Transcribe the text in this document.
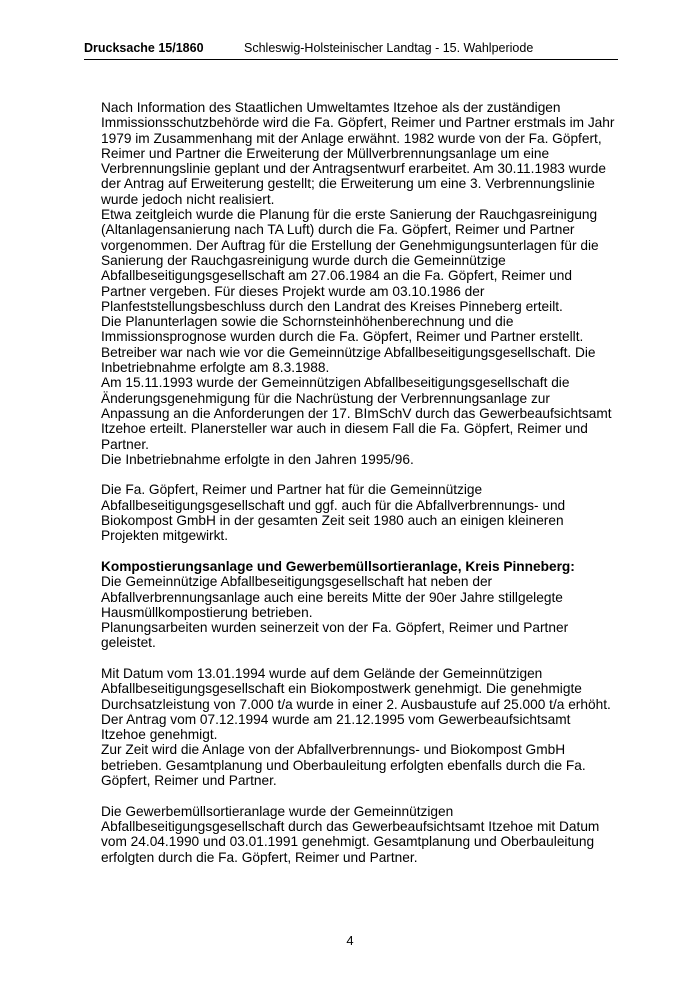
Drucksache 15/1860	Schleswig-Holsteinischer Landtag - 15. Wahlperiode

Nach Information des Staatlichen Umweltamtes Itzehoe als der zuständigen Immissionsschutzbehörde wird die Fa. Göpfert, Reimer und Partner erstmals im Jahr 1979 im Zusammenhang mit der Anlage erwähnt. 1982 wurde von der Fa. Göpfert, Reimer und Partner die Erweiterung der Müllverbrennungsanlage um eine Verbrennungslinie geplant und der Antragsentwurf erarbeitet. Am 30.11.1983 wurde der Antrag auf Erweiterung gestellt; die Erweiterung um eine 3. Verbrennungslinie wurde jedoch nicht realisiert.

Etwa zeitgleich wurde die Planung für die erste Sanierung der Rauchgasreinigung (Altanlagensanierung nach TA Luft) durch die Fa. Göpfert, Reimer und Partner vorgenommen. Der Auftrag für die Erstellung der Genehmigungsunterlagen für die Sanierung der Rauchgasreinigung wurde durch die Gemeinnützige Abfallbeseitigungsgesellschaft am 27.06.1984 an die Fa. Göpfert, Reimer und Partner vergeben. Für dieses Projekt wurde am 03.10.1986 der Planfeststellungsbeschluss durch den Landrat des Kreises Pinneberg erteilt.

Die Planunterlagen sowie die Schornsteinhöhenberechnung und die Immissionsprognose wurden durch die Fa. Göpfert, Reimer und Partner erstellt. Betreiber war nach wie vor die Gemeinnützige Abfallbeseitigungsgesellschaft. Die Inbetriebnahme erfolgte am 8.3.1988.

Am 15.11.1993 wurde der Gemeinnützigen Abfallbeseitigungsgesellschaft die Änderungsgenehmigung für die Nachrüstung der Verbrennungsanlage zur Anpassung an die Anforderungen der 17. BImSchV durch das Gewerbeaufsichtsamt Itzehoe erteilt. Planersteller war auch in diesem Fall die Fa. Göpfert, Reimer und Partner.

Die Inbetriebnahme erfolgte in den Jahren 1995/96.

Die Fa. Göpfert, Reimer und Partner hat für die Gemeinnützige Abfallbeseitigungsgesellschaft und ggf. auch für die Abfallverbrennungs- und Biokompost GmbH in der gesamten Zeit seit 1980 auch an einigen kleineren Projekten mitgewirkt.

Kompostierungsanlage und Gewerbemüllsortieranlage, Kreis Pinneberg:

Die Gemeinnützige Abfallbeseitigungsgesellschaft hat neben der Abfallverbrennungsanlage auch eine bereits Mitte der 90er Jahre stillgelegte Hausmüllkompostierung betrieben.

Planungsarbeiten wurden seinerzeit von der Fa. Göpfert, Reimer und Partner geleistet.

Mit Datum vom 13.01.1994 wurde auf dem Gelände der Gemeinnützigen Abfallbeseitigungsgesellschaft ein Biokompostwerk genehmigt. Die genehmigte Durchsatzleistung von 7.000 t/a wurde in einer 2. Ausbaustufe auf 25.000 t/a erhöht. Der Antrag vom 07.12.1994 wurde am 21.12.1995 vom Gewerbeaufsichtsamt Itzehoe genehmigt.

Zur Zeit wird die Anlage von der Abfallverbrennungs- und Biokompost GmbH betrieben. Gesamtplanung und Oberbauleitung erfolgten ebenfalls durch die Fa. Göpfert, Reimer und Partner.

Die Gewerbemüllsortieranlage wurde der Gemeinnützigen Abfallbeseitigungsgesellschaft durch das Gewerbeaufsichtsamt Itzehoe mit Datum vom 24.04.1990 und 03.01.1991 genehmigt. Gesamtplanung und Oberbauleitung erfolgten durch die Fa. Göpfert, Reimer und Partner.

4
